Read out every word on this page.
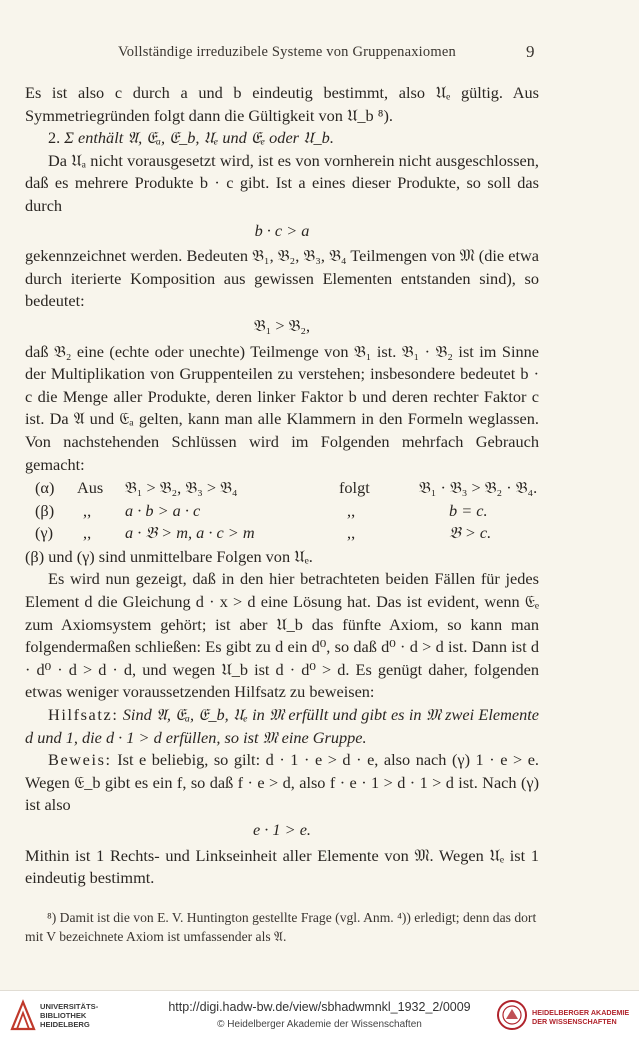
Vollständige irreduzibele Systeme von Gruppenaxiomen	9

Es ist also c durch a und b eindeutig bestimmt, also 𝔘ₑ gültig. Aus Symmetriegründen folgt dann die Gültigkeit von 𝔘_b ⁸).

2. Σ enthält 𝔄, 𝔈ₐ, 𝔈_b, 𝔘ₑ und 𝔈ₑ oder 𝔘_b.

Da 𝔘ₐ nicht vorausgesetzt wird, ist es von vornherein nicht ausgeschlossen, daß es mehrere Produkte b · c gibt. Ist a eines dieser Produkte, so soll das durch

b · c > a

gekennzeichnet werden. Bedeuten 𝔅₁, 𝔅₂, 𝔅₃, 𝔅₄ Teilmengen von 𝔐 (die etwa durch iterierte Komposition aus gewissen Elementen entstanden sind), so bedeutet:

𝔅₁ > 𝔅₂,

daß 𝔅₂ eine (echte oder unechte) Teilmenge von 𝔅₁ ist. 𝔅₁ · 𝔅₂ ist im Sinne der Multiplikation von Gruppenteilen zu verstehen; insbesondere bedeutet b · c die Menge aller Produkte, deren linker Faktor b und deren rechter Faktor c ist. Da 𝔄 und 𝔈ₐ gelten, kann man alle Klammern in den Formeln weglassen. Von nachstehenden Schlüssen wird im Folgenden mehrfach Gebrauch gemacht:

(α)	Aus	𝔅₁ > 𝔅₂, 𝔅₃ > 𝔅₄	folgt	𝔅₁ · 𝔅₃ > 𝔅₂ · 𝔅₄.
(β)	,,	a · b > a · c	,,	b = c.
(γ)	,,	a · 𝔅 > m, a · c > m	,,	𝔅 > c.

(β) und (γ) sind unmittelbare Folgen von 𝔘ₑ.

Es wird nun gezeigt, daß in den hier betrachteten beiden Fällen für jedes Element d die Gleichung d · x > d eine Lösung hat. Das ist evident, wenn 𝔈ₑ zum Axiomsystem gehört; ist aber 𝔘_b das fünfte Axiom, so kann man folgendermaßen schließen: Es gibt zu d ein d⁰, so daß d⁰ · d > d ist. Dann ist d · d⁰ · d > d · d, und wegen 𝔘_b ist d · d⁰ > d. Es genügt daher, folgenden etwas weniger voraussetzenden Hilfsatz zu beweisen:

Hilfsatz: Sind 𝔄, 𝔈ₐ, 𝔈_b, 𝔘ₑ in 𝔐 erfüllt und gibt es in 𝔐 zwei Elemente d und 1, die d · 1 > d erfüllen, so ist 𝔐 eine Gruppe.

Beweis: Ist e beliebig, so gilt: d · 1 · e > d · e, also nach (γ) 1 · e > e. Wegen 𝔈_b gibt es ein f, so daß f · e > d, also f · e · 1 > d · 1 > d ist. Nach (γ) ist also

e · 1 > e.

Mithin ist 1 Rechts- und Linkseinheit aller Elemente von 𝔐. Wegen 𝔘ₑ ist 1 eindeutig bestimmt.

⁸) Damit ist die von E. V. Huntington gestellte Frage (vgl. Anm. ⁴)) erledigt; denn das dort mit V bezeichnete Axiom ist umfassender als 𝔄.

UNIVERSITÄTS-
BIBLIOTHEK
HEIDELBERG
http://digi.hadw-bw.de/view/sbhadwmnkl_1932_2/0009
© Heidelberger Akademie der Wissenschaften
HEIDELBERGER AKADEMIE
DER WISSENSCHAFTEN
